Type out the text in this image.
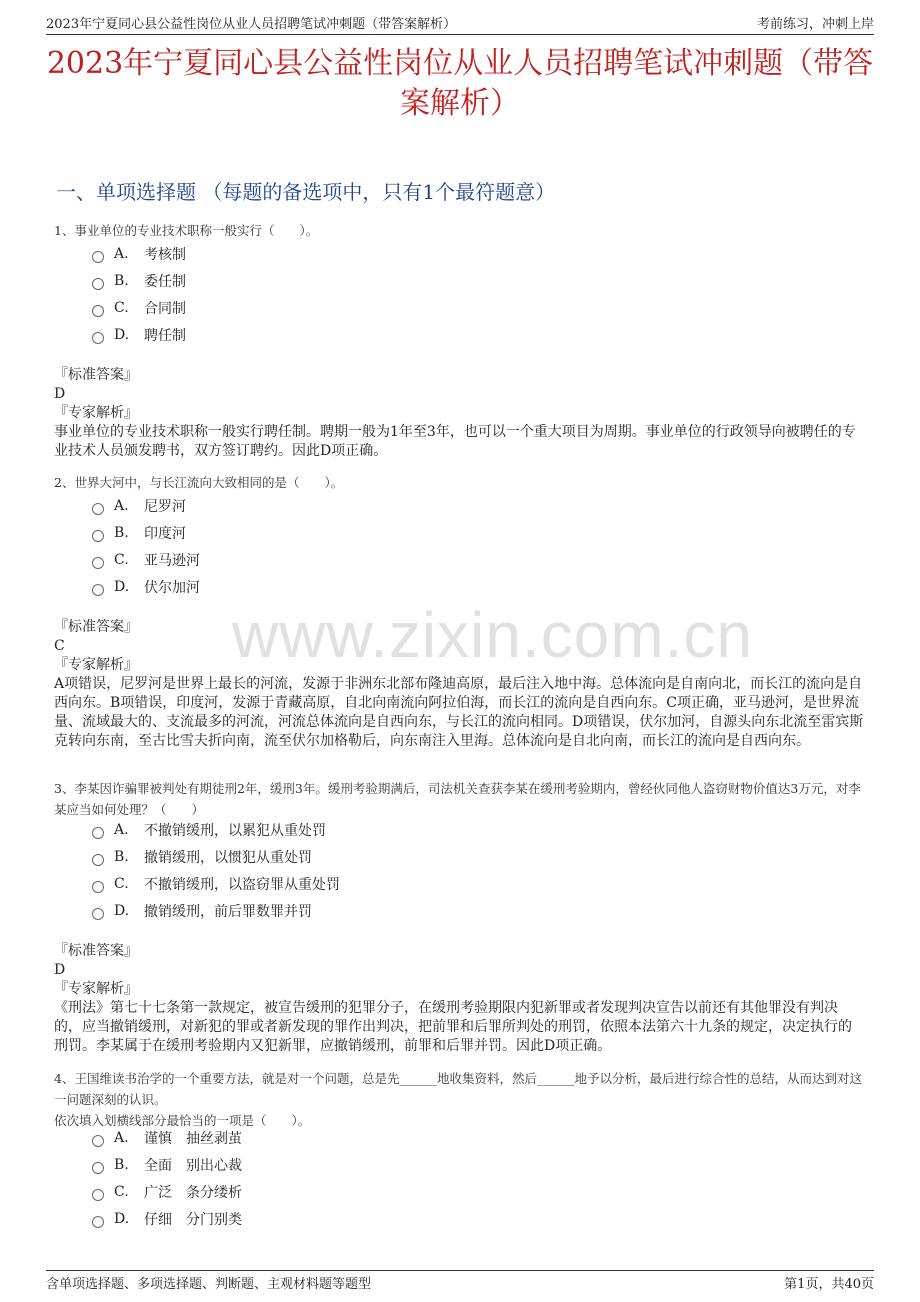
2023年宁夏同心县公益性岗位从业人员招聘笔试冲刺题（带答案解析）	考前练习，冲刺上岸
2023年宁夏同心县公益性岗位从业人员招聘笔试冲刺题（带答
案解析）
一、单项选择题 （每题的备选项中，只有1个最符题意）
www.zixin.com.cn
1、事业单位的专业技术职称一般实行（　　）。
A.	考核制
B.	委任制
C.	合同制
D.	聘任制

『标准答案』

D

『专家解析』

事业单位的专业技术职称一般实行聘任制。聘期一般为1年至3年，也可以一个重大项目为周期。事业单位的行政领导向被聘任的专业技术人员颁发聘书，双方签订聘约。因此D项正确。

2、世界大河中，与长江流向大致相同的是（　　）。
A.	尼罗河
B.	印度河
C.	亚马逊河
D.	伏尔加河

『标准答案』

C

『专家解析』

A项错误，尼罗河是世界上最长的河流，发源于非洲东北部布隆迪高原，最后注入地中海。总体流向是自南向北，而长江的流向是自西向东。B项错误，印度河，发源于青藏高原，自北向南流向阿拉伯海，而长江的流向是自西向东。C项正确，亚马逊河，是世界流量、流域最大的、支流最多的河流，河流总体流向是自西向东，与长江的流向相同。D项错误，伏尔加河，自源头向东北流至雷宾斯克转向东南，至古比雪夫折向南，流至伏尔加格勒后，向东南注入里海。总体流向是自北向南，而长江的流向是自西向东。

3、李某因诈骗罪被判处有期徒刑2年，缓刑3年。缓刑考验期满后，司法机关查获李某在缓刑考验期内，曾经伙同他人盗窃财物价值达3万元，对李某应当如何处理？（　　）
A.	不撤销缓刑，以累犯从重处罚
B.	撤销缓刑，以惯犯从重处罚
C.	不撤销缓刑，以盗窃罪从重处罚
D.	撤销缓刑，前后罪数罪并罚

『标准答案』

D

『专家解析』

《刑法》第七十七条第一款规定，被宣告缓刑的犯罪分子，在缓刑考验期限内犯新罪或者发现判决宣告以前还有其他罪没有判决的，应当撤销缓刑，对新犯的罪或者新发现的罪作出判决，把前罪和后罪所判处的刑罚，依照本法第六十九条的规定，决定执行的刑罚。李某属于在缓刑考验期内又犯新罪，应撤销缓刑，前罪和后罪并罚。因此D项正确。

4、王国维读书治学的一个重要方法，就是对一个问题，总是先______地收集资料，然后______地予以分析，最后进行综合性的总结，从而达到对这一问题深刻的认识。
依次填入划横线部分最恰当的一项是（　　）。
A.	谨慎　抽丝剥茧
B.	全面　别出心裁
C.	广泛　条分缕析
D.	仔细　分门别类
含单项选择题、多项选择题、判断题、主观材料题等题型	第1页，共40页
